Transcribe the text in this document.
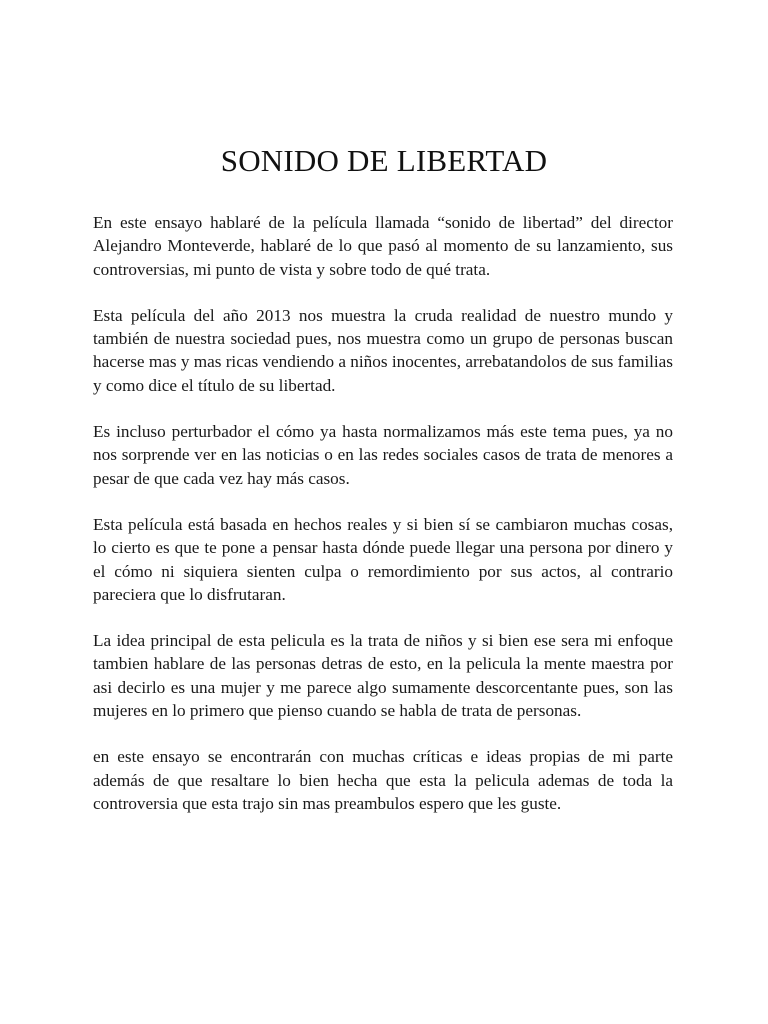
SONIDO DE LIBERTAD

En este ensayo hablaré de la película llamada “sonido de libertad” del director Alejandro Monteverde, hablaré de lo que pasó al momento de su lanzamiento, sus controversias, mi punto de vista y sobre todo de qué trata.

Esta película del año 2013 nos muestra la cruda realidad de nuestro mundo y también de nuestra sociedad pues, nos muestra como un grupo de personas buscan hacerse mas y mas ricas vendiendo a niños inocentes, arrebatandolos de sus familias y como dice el título de su libertad.

Es incluso perturbador el cómo ya hasta normalizamos más este tema pues, ya no nos sorprende ver en las noticias o en las redes sociales casos de trata de menores a pesar de que cada vez hay más casos.

Esta película está basada en hechos reales y si bien sí se cambiaron muchas cosas, lo cierto es que te pone a pensar hasta dónde puede llegar una persona por dinero y el cómo ni siquiera sienten culpa o remordimiento por sus actos, al contrario pareciera que lo disfrutaran.

La idea principal de esta pelicula es la trata de niños y si bien ese sera mi enfoque tambien hablare de las personas detras de esto, en la pelicula la mente maestra por asi decirlo es una mujer y me parece algo sumamente descorcentante pues, son las mujeres en lo primero que pienso cuando se habla de trata de personas.

en este ensayo se encontrarán con muchas críticas e ideas propias de mi parte además de que resaltare lo bien hecha que esta la pelicula ademas de toda la controversia que esta trajo sin mas preambulos espero que les guste.
